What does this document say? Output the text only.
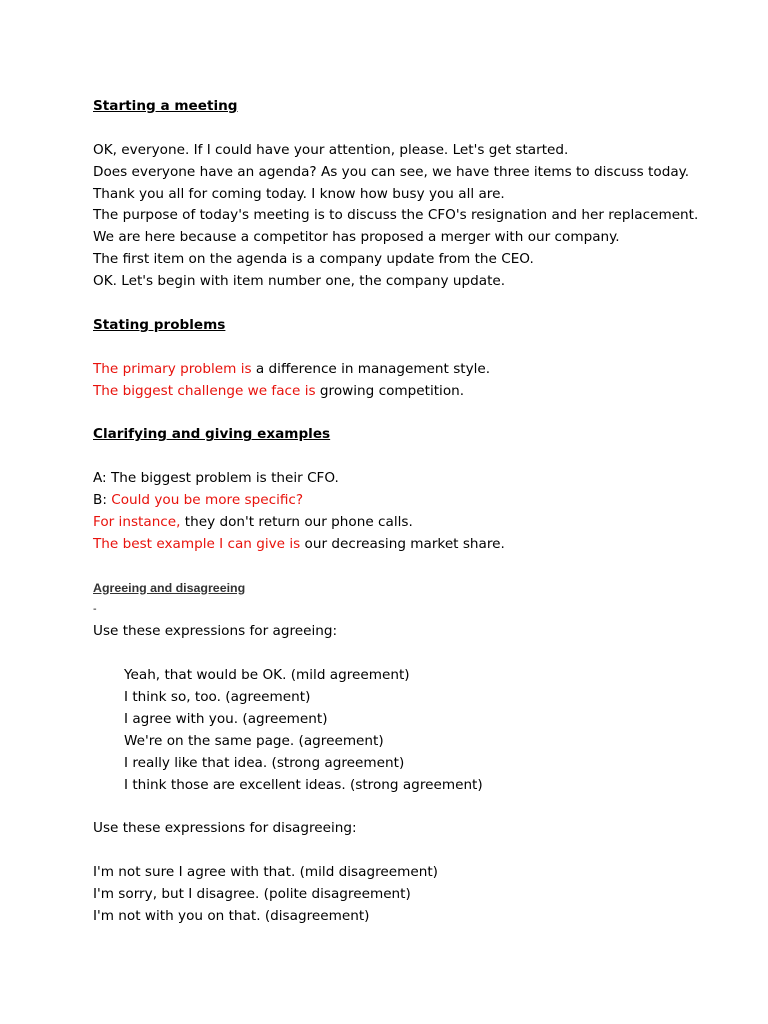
Starting a meeting
OK, everyone. If I could have your attention, please. Let's get started.
Does everyone have an agenda? As you can see, we have three items to discuss today.
Thank you all for coming today. I know how busy you all are.
The purpose of today's meeting is to discuss the CFO's resignation and her replacement.
We are here because a competitor has proposed a merger with our company.
The first item on the agenda is a company update from the CEO.
OK. Let's begin with item number one, the company update.
Stating problems
The primary problem is a difference in management style.
The biggest challenge we face is growing competition.
Clarifying and giving examples
A: The biggest problem is their CFO.
B: Could you be more specific?
For instance, they don't return our phone calls.
The best example I can give is our decreasing market share.
Agreeing and disagreeing
-
Use these expressions for agreeing:
Yeah, that would be OK. (mild agreement)
I think so, too. (agreement)
I agree with you. (agreement)
We're on the same page. (agreement)
I really like that idea. (strong agreement)
I think those are excellent ideas. (strong agreement)
Use these expressions for disagreeing:
I'm not sure I agree with that. (mild disagreement)
I'm sorry, but I disagree. (polite disagreement)
I'm not with you on that. (disagreement)
